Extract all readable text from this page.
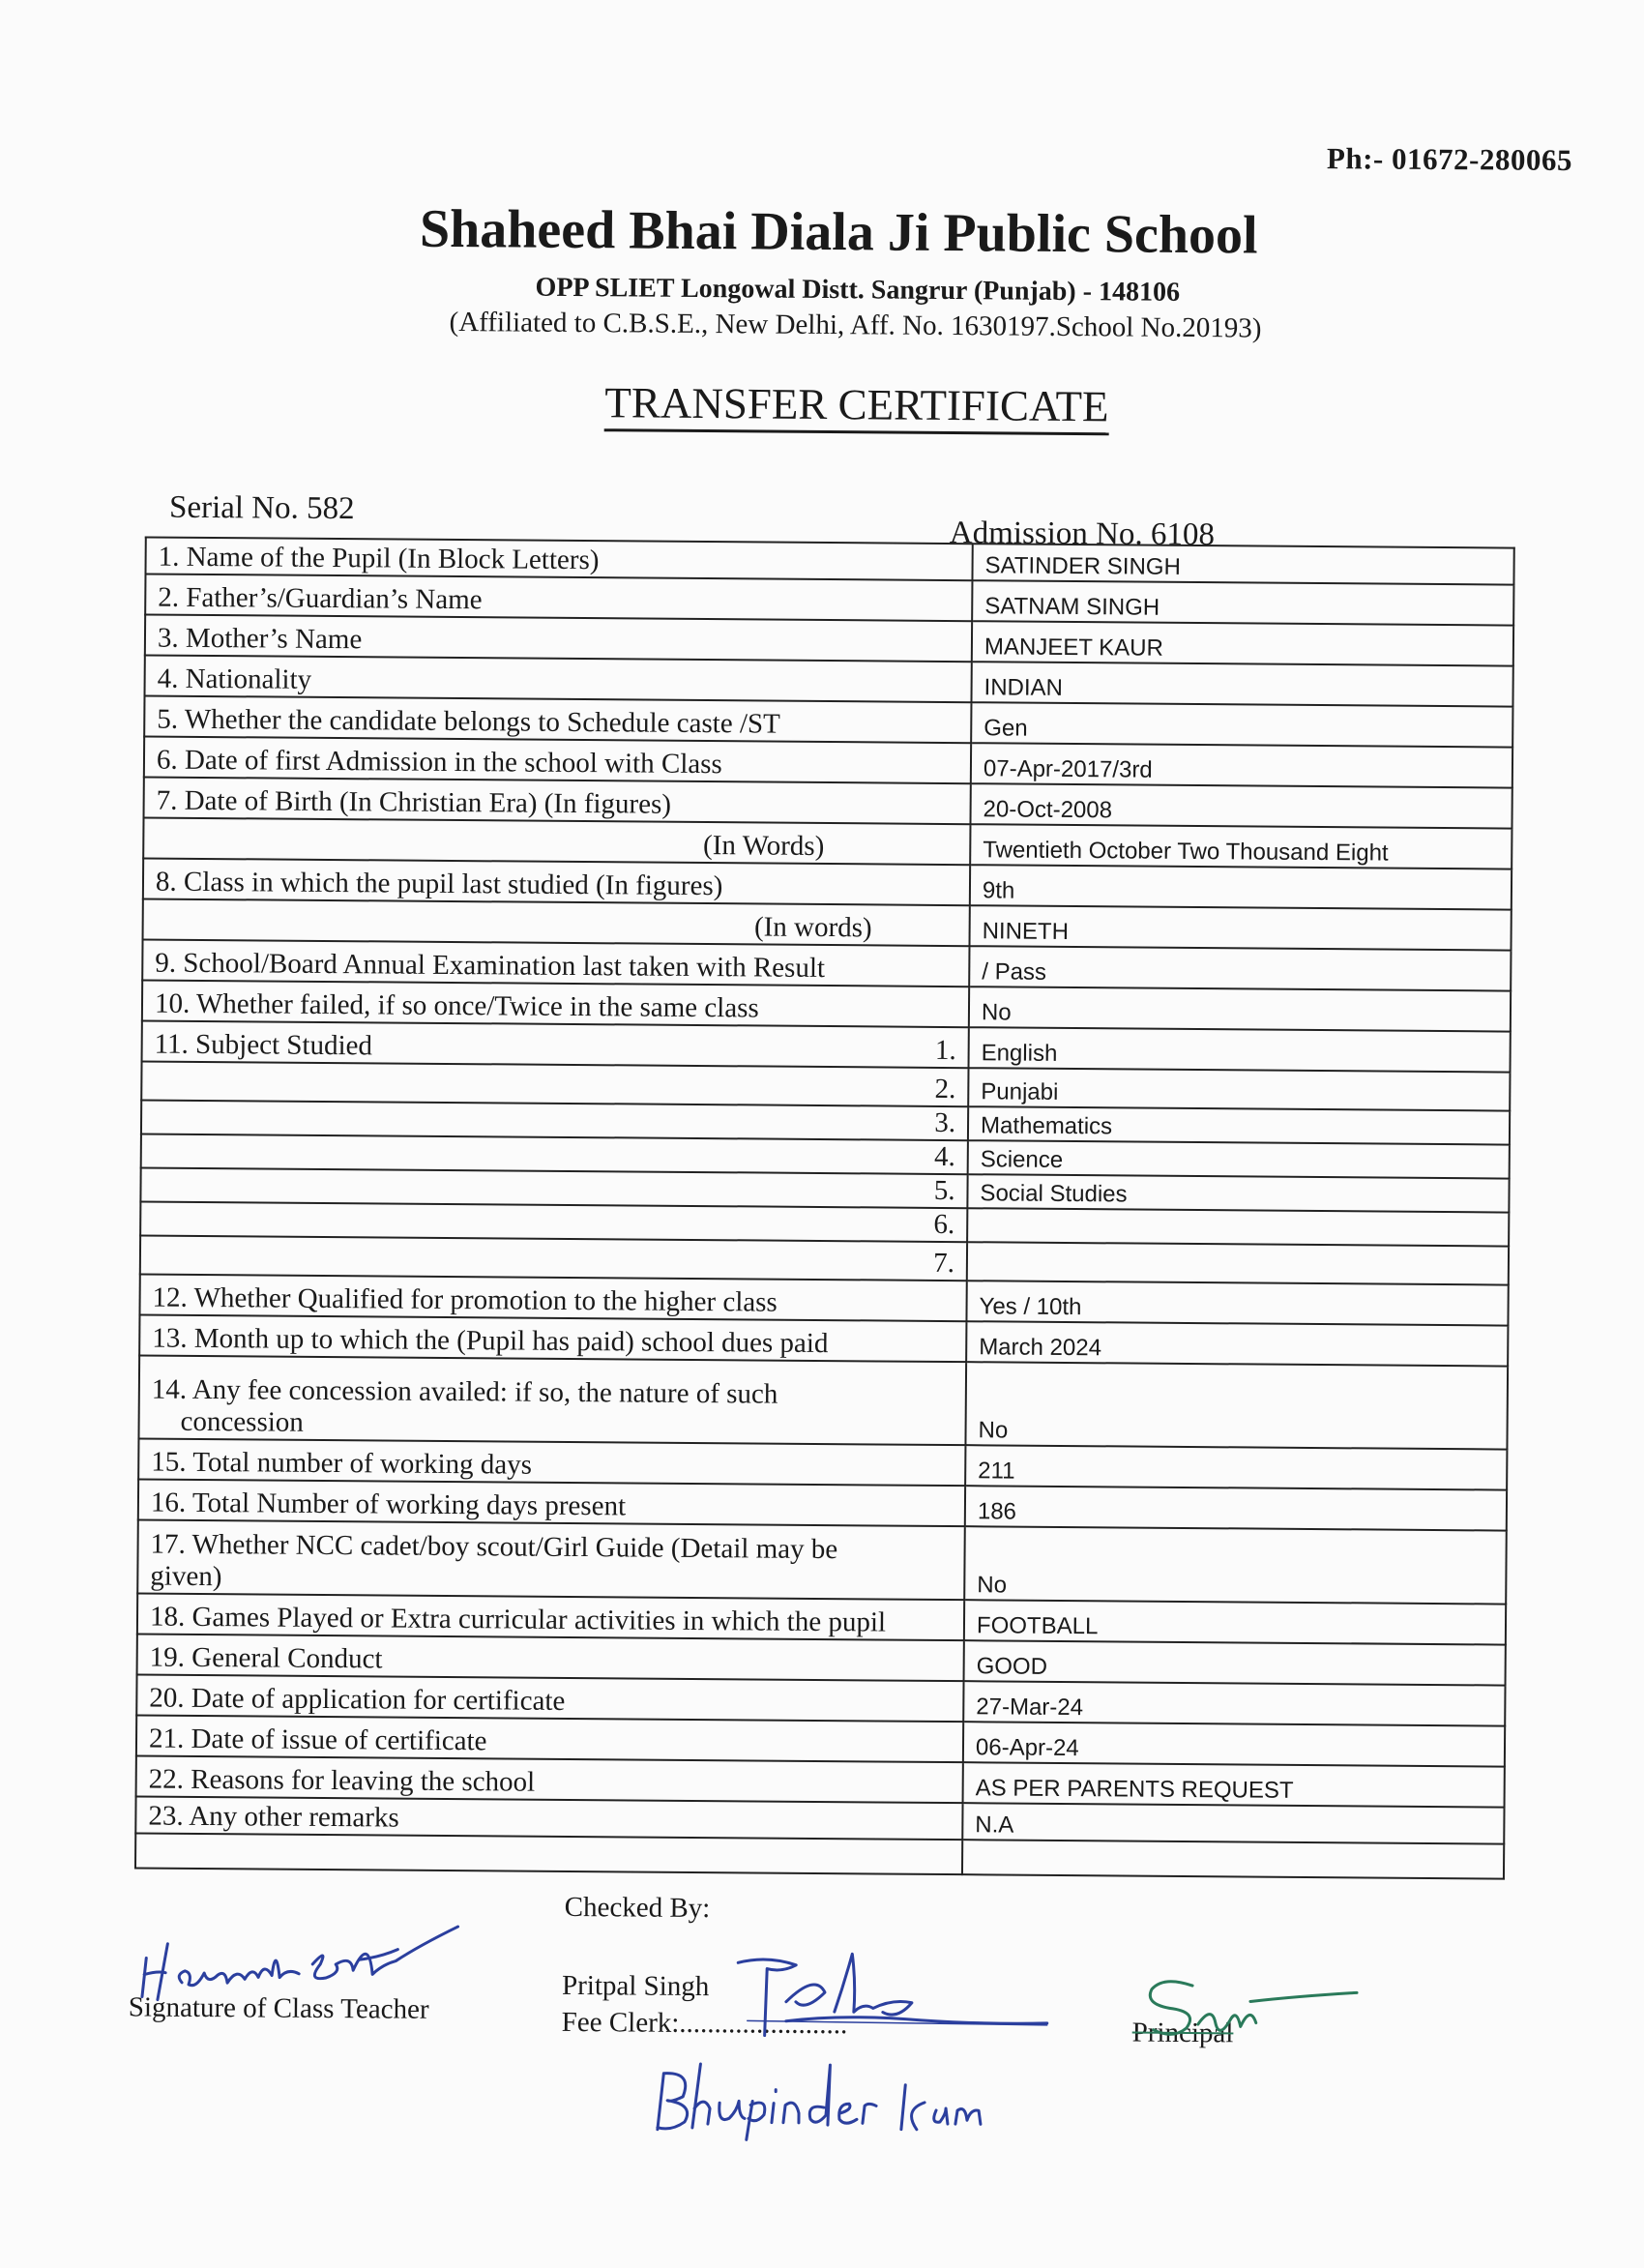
Ph:- 01672-280065
Shaheed Bhai Diala Ji Public School
OPP SLIET Longowal Distt. Sangrur (Punjab) - 148106
(Affiliated to C.B.S.E., New Delhi, Aff. No. 1630197.School No.20193)
TRANSFER CERTIFICATE
Serial No. 582
Admission No. 6108
1. Name of the Pupil (In Block Letters)	SATINDER SINGH
2. Father’s/Guardian’s Name	SATNAM SINGH
3. Mother’s Name	MANJEET KAUR
4. Nationality	INDIAN
5. Whether the candidate belongs to Schedule caste /ST	Gen
6. Date of first Admission in the school with Class	07-Apr-2017/3rd
7. Date of Birth (In Christian Era) (In figures)	20-Oct-2008

(In Words)	Twentieth October Two Thousand Eight
8. Class in which the pupil last studied (In figures)	9th

(In words)	NINETH
9. School/Board Annual Examination last taken with Result	/ Pass
10. Whether failed, if so once/Twice in the same class	No

11. Subject Studied 1.	English

2.	Punjabi

3.	Mathematics

4.	Science

5.	Social Studies

6.	

7.	

12. Whether Qualified for promotion to the higher class	Yes / 10th
13. Month up to which the (Pupil has paid) school dues paid	March 2024

14. Any fee concession availed: if so, the nature of such
concession	No
15. Total number of working days	211
16. Total Number of working days present	186

17. Whether NCC cadet/boy scout/Girl Guide (Detail may be
given)	No
18. Games Played or Extra curricular activities in which the pupil	FOOTBALL
19. General Conduct	GOOD
20. Date of application for certificate	27-Mar-24
21. Date of issue of certificate	06-Apr-24
22. Reasons for leaving the school	AS PER PARENTS REQUEST
23. Any other remarks	N.A

Checked By:
Signature of Class Teacher
Pritpal Singh
Fee Clerk:........................	Principal
